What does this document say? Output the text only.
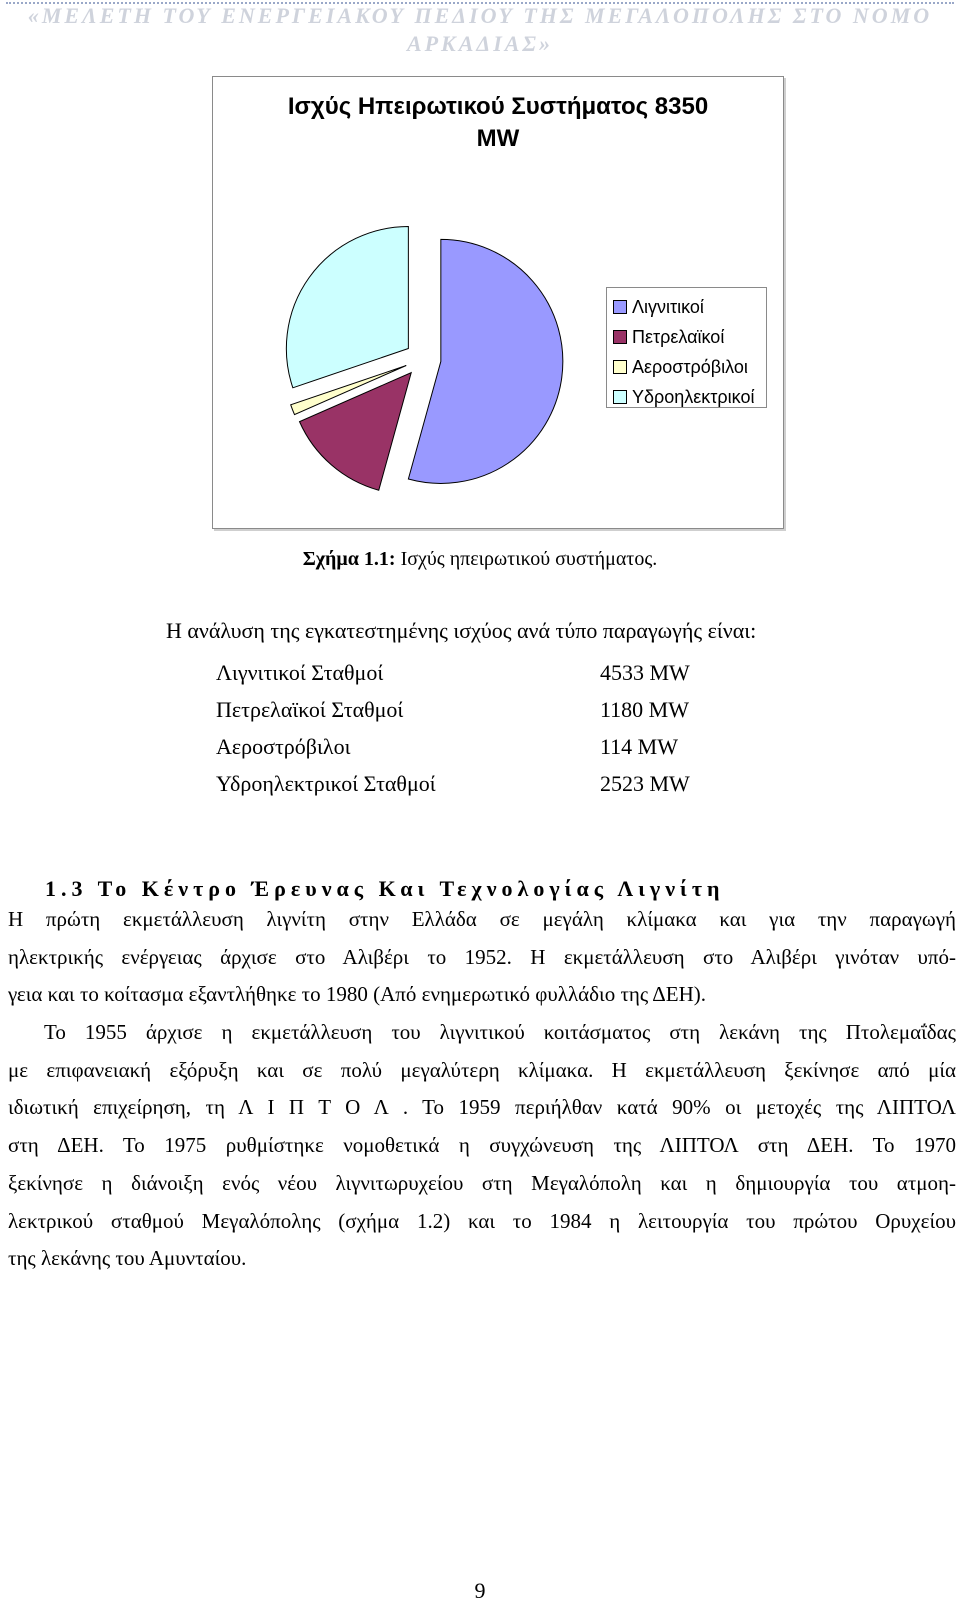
«ΜΕΛΕΤΗ ΤΟΥ ΕΝΕΡΓΕΙΑΚΟΥ ΠΕΔΙΟΥ ΤΗΣ ΜΕΓΑΛΟΠΟΛΗΣ ΣΤΟ ΝΟΜΟ
ΑΡΚΑΔΙΑΣ»
Ισχύς Ηπειρωτικού Συστήματος 8350
MW
Λιγνιτικοί
Πετρελαϊκοί
Αεροστρόβιλοι
Υδροηλεκτρικοί
Σχήμα 1.1: Ισχύς ηπειρωτικού συστήματος.
Η ανάλυση της εγκατεστημένης ισχύος ανά τύπο παραγωγής είναι:
Λιγνιτικοί Σταθμοί	4533 MW
Πετρελαϊκοί Σταθμοί	1180 MW
Αεροστρόβιλοι	114 MW
Υδροηλεκτρικοί Σταθμοί	2523 MW
1.3 Το Κέντρο Έρευνας Και Τεχνολογίας Λιγνίτη
Η πρώτη εκμετάλλευση λιγνίτη στην Ελλάδα σε μεγάλη κλίμακα και για την παραγωγή
ηλεκτρικής ενέργειας άρχισε στο Αλιβέρι το 1952. Η εκμετάλλευση στο Αλιβέρι γινόταν υπό-
γεια και το κοίτασμα εξαντλήθηκε το 1980 (Από ενημερωτικό φυλλάδιο της ΔΕΗ).
Το 1955 άρχισε η εκμετάλλευση του λιγνιτικού κοιτάσματος στη λεκάνη της Πτολεμαΐδας
με επιφανειακή εξόρυξη και σε πολύ μεγαλύτερη κλίμακα. Η εκμετάλλευση ξεκίνησε από μία
ιδιωτική επιχείρηση, τη Λ Ι Π Τ Ο Λ . Το 1959 περιήλθαν κατά 90% οι μετοχές της ΛΙΠΤΟΛ
στη ΔΕΗ. Το 1975 ρυθμίστηκε νομοθετικά η συγχώνευση της ΛΙΠΤΟΛ στη ΔΕΗ. Το 1970
ξεκίνησε η διάνοιξη ενός νέου λιγνιτωρυχείου στη Μεγαλόπολη και η δημιουργία του ατμοη-
λεκτρικού σταθμού Μεγαλόπολης (σχήμα 1.2) και το 1984 η λειτουργία του πρώτου Ορυχείου
της λεκάνης του Αμυνταίου.
9
